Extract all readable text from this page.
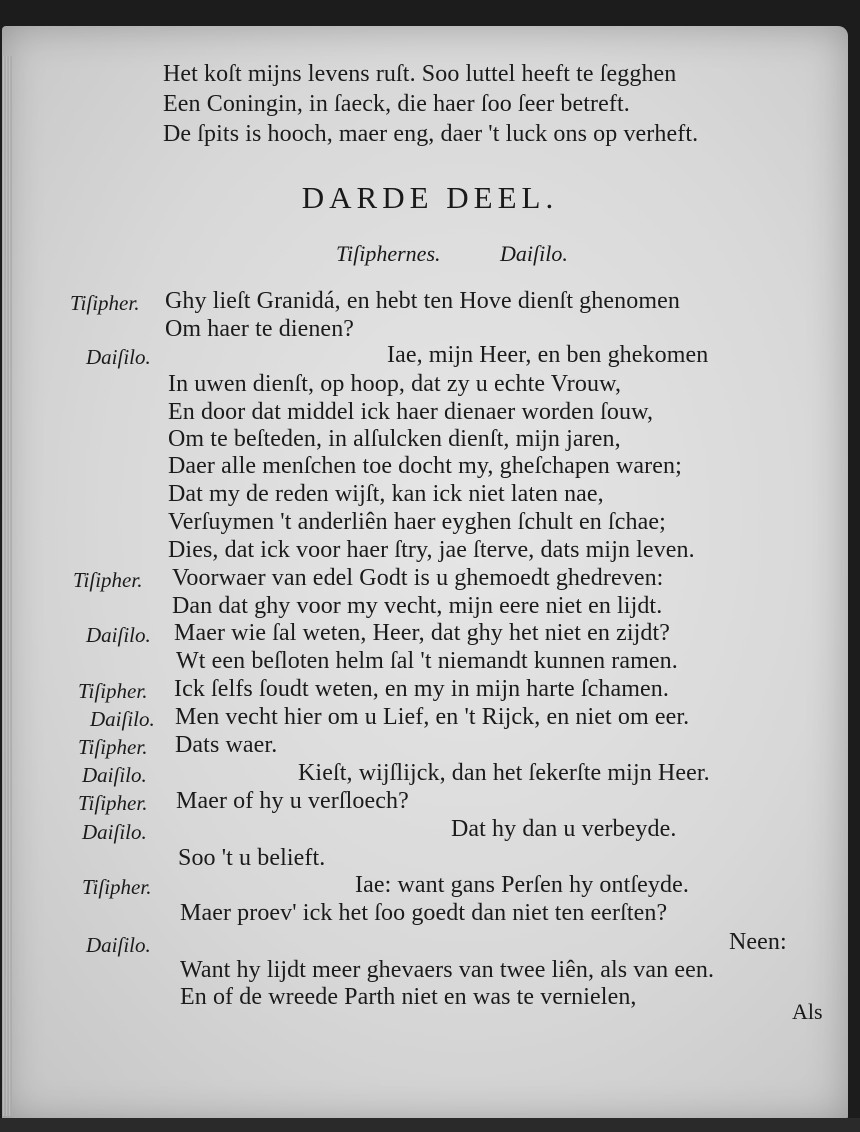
Het koſt mijns levens ruſt. Soo luttel heeft te ſegghen
Een Coningin, in ſaeck, die haer ſoo ſeer betreft.
De ſpits is hooch, maer eng, daer 't luck ons op verheft.
DARDE DEEL.
Tiſiphernes.	Daiſilo.
Tiſipher. Ghy lieſt Granidá, en hebt ten Hove dienſt ghenomen
Om haer te dienen?
Daiſilo.	Iae, mijn Heer, en ben ghekomen
In uwen dienſt, op hoop, dat zy u echte Vrouw,
En door dat middel ick haer dienaer worden ſouw,
Om te beſteden, in alſulcken dienſt, mijn jaren,
Daer alle menſchen toe docht my, gheſchapen waren;
Dat my de reden wijſt, kan ick niet laten nae,
Verſuymen 't anderliên haer eyghen ſchult en ſchae;
Dies, dat ick voor haer ſtry, jae ſterve, dats mijn leven.
Tiſipher. Voorwaer van edel Godt is u ghemoedt ghedreven:
Dan dat ghy voor my vecht, mijn eere niet en lijdt.
Daiſilo. Maer wie ſal weten, Heer, dat ghy het niet en zijdt?
Wt een beſloten helm ſal 't niemandt kunnen ramen.
Tiſipher. Ick ſelfs ſoudt weten, en my in mijn harte ſchamen.
Daiſilo. Men vecht hier om u Lief, en 't Rijck, en niet om eer.
Tiſipher. Dats waer.
Daiſilo.	Kieſt, wijſlijck, dan het ſekerſte mijn Heer.
Tiſipher. Maer of hy u verſloech?
Daiſilo.	Dat hy dan u verbeyde.
Soo 't u belieft.
Tiſipher.	Iae: want gans Perſen hy ontſeyde.
Maer proev' ick het ſoo goedt dan niet ten eerſten?
Daiſilo.	Neen:
Want hy lijdt meer ghevaers van twee liên, als van een.
En of de wreede Parth niet en was te vernielen,
Als
